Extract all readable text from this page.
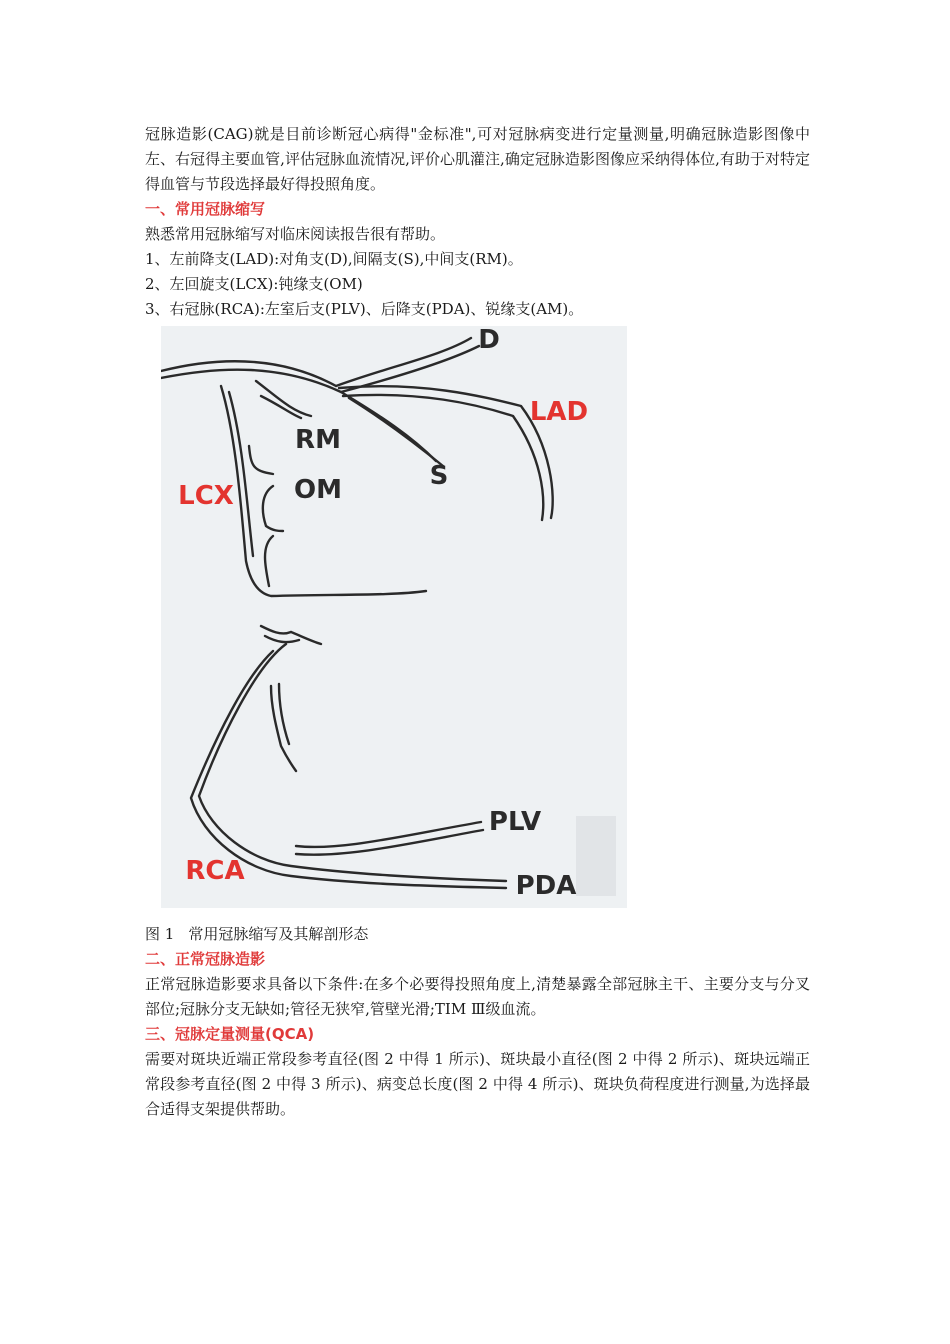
冠脉造影(CAG)就是目前诊断冠心病得"金标准",可对冠脉病变进行定量测量,明确冠脉造影图像中左、右冠得主要血管,评估冠脉血流情况,评价心肌灌注,确定冠脉造影图像应采纳得体位,有助于对特定得血管与节段选择最好得投照角度。

一、常用冠脉缩写

熟悉常用冠脉缩写对临床阅读报告很有帮助。

1、左前降支(LAD):对角支(D),间隔支(S),中间支(RM)。

2、左回旋支(LCX):钝缘支(OM)

3、右冠脉(RCA):左室后支(PLV)、后降支(PDA)、锐缘支(AM)。

D
LAD
RM
S
LCX OM
PLV
RCA	PDA

图 1 常用冠脉缩写及其解剖形态

二、正常冠脉造影

正常冠脉造影要求具备以下条件:在多个必要得投照角度上,清楚暴露全部冠脉主干、主要分支与分叉部位;冠脉分支无缺如;管径无狭窄,管壁光滑;TIM Ⅲ级血流。

三、冠脉定量测量(QCA)

需要对斑块近端正常段参考直径(图 2 中得 1 所示)、斑块最小直径(图 2 中得 2 所示)、斑块远端正常段参考直径(图 2 中得 3 所示)、病变总长度(图 2 中得 4 所示)、斑块负荷程度进行测量,为选择最合适得支架提供帮助。
